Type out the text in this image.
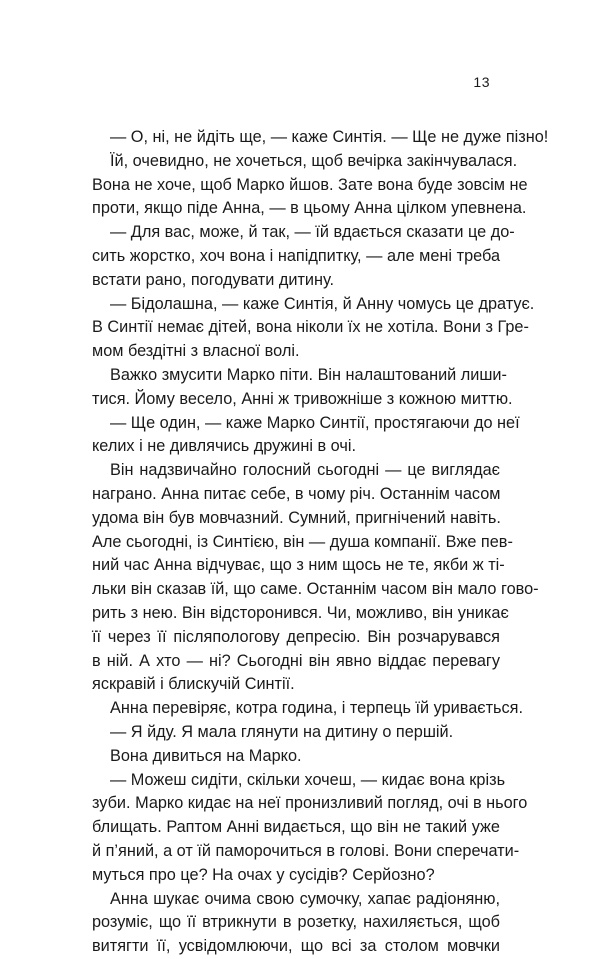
13
— О, ні, не йдіть ще, — каже Синтія. — Ще не дуже пізно!
Їй, очевидно, не хочеться, щоб вечірка закінчувалася.
Вона не хоче, щоб Марко йшов. Зате вона буде зовсім не
проти, якщо піде Анна, — в цьому Анна цілком упевнена.
— Для вас, може, й так, — їй вдається сказати це до-
сить жорстко, хоч вона і напідпитку, — але мені треба
встати рано, погодувати дитину.
— Бідолашна, — каже Синтія, й Анну чомусь це дратує.
В Синтії немає дітей, вона ніколи їх не хотіла. Вони з Гре-
мом бездітні з власної волі.
Важко змусити Марко піти. Він налаштований лиши-
тися. Йому весело, Анні ж тривожніше з кожною миттю.
— Ще один, — каже Марко Синтії, простягаючи до неї
келих і не дивлячись дружині в очі.
Він надзвичайно голосний сьогодні — це виглядає
награно. Анна питає себе, в чому річ. Останнім часом
удома він був мовчазний. Сумний, пригнічений навіть.
Але сьогодні, із Синтією, він — душа компанії. Вже пев-
ний час Анна відчуває, що з ним щось не те, якби ж ті-
льки він сказав їй, що саме. Останнім часом він мало гово-
рить з нею. Він відсторонився. Чи, можливо, він уникає
її через її післяпологову депресію. Він розчарувався
в ній. А хто — ні? Сьогодні він явно віддає перевагу
яскравій і блискучій Синтії.
Анна перевіряє, котра година, і терпець їй уривається.
— Я йду. Я мала глянути на дитину о першій.
Вона дивиться на Марко.
— Можеш сидіти, скільки хочеш, — кидає вона крізь
зуби. Марко кидає на неї пронизливий погляд, очі в нього
блищать. Раптом Анні видається, що він не такий уже
й п’яний, а от їй паморочиться в голові. Вони сперечати-
муться про це? На очах у сусідів? Серйозно?
Анна шукає очима свою сумочку, хапає радіоняню,
розуміє, що її втрикнути в розетку, нахиляється, щоб
витягти її, усвідомлюючи, що всі за столом мовчки
